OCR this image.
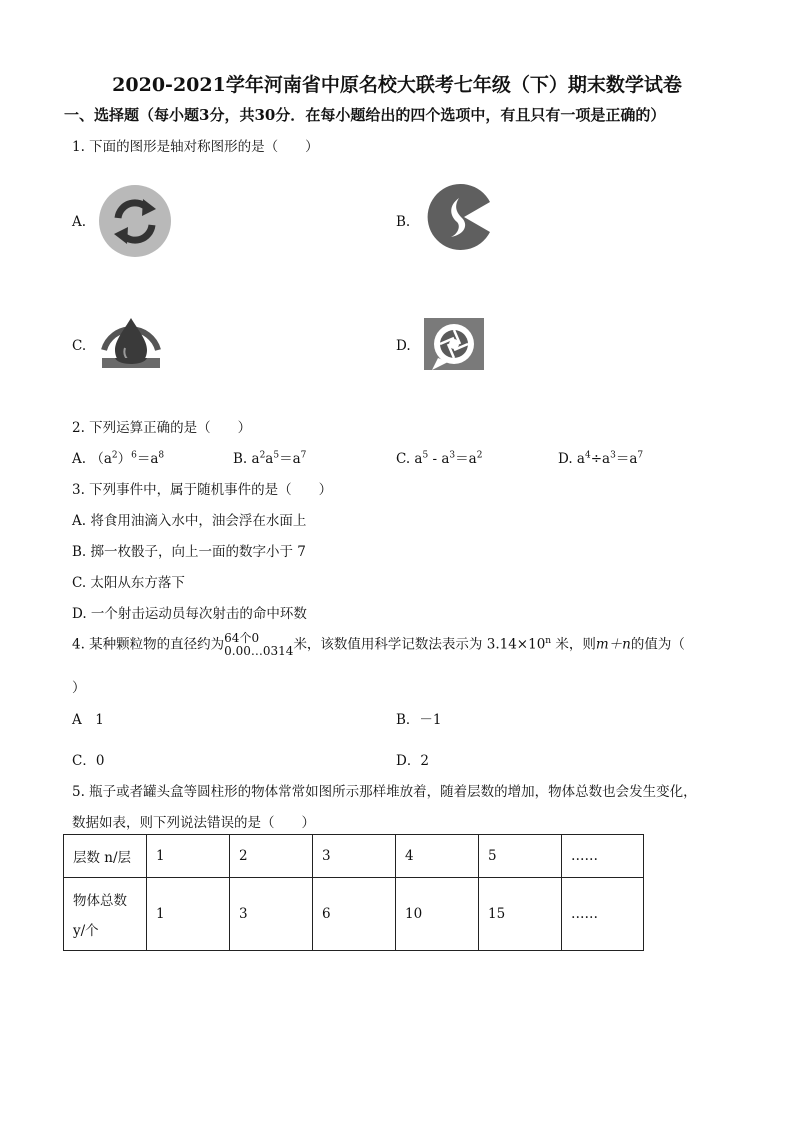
2020-2021学年河南省中原名校大联考七年级（下）期末数学试卷
一、选择题（每小题3分，共30分．在每小题给出的四个选项中，有且只有一项是正确的）
1. 下面的图形是轴对称图形的是（　　）
A.	B.
C.	D.
2. 下列运算正确的是（　　）
A. $(a^2)^6=a^8$	B. $a^2a^5=a^7$	C. $a^5 - a^3=a^2$	D. $a^4\div a^3=a^7$
3. 下列事件中，属于随机事件的是（　　）
A. 将食用油滴入水中，油会浮在水面上
B. 掷一枚骰子，向上一面的数字小于 7
C. 太阳从东方落下
D. 一个射击运动员每次射击的命中环数
4. 某种颗粒物的直径约为 64个0
0.00…0314 米，该数值用科学记数法表示为 $3.14\times 10^n$ 米，则m＋n的值为（
）
A　1	B．－1
C．0	D．2
5. 瓶子或者罐头盒等圆柱形的物体常常如图所示那样堆放着，随着层数的增加，物体总数也会发生变化，
数据如表，则下列说法错误的是（　　）
层数 n/层	1	2	3	4	5	……

物体总数
y/个	1	3	6	10	15	……
